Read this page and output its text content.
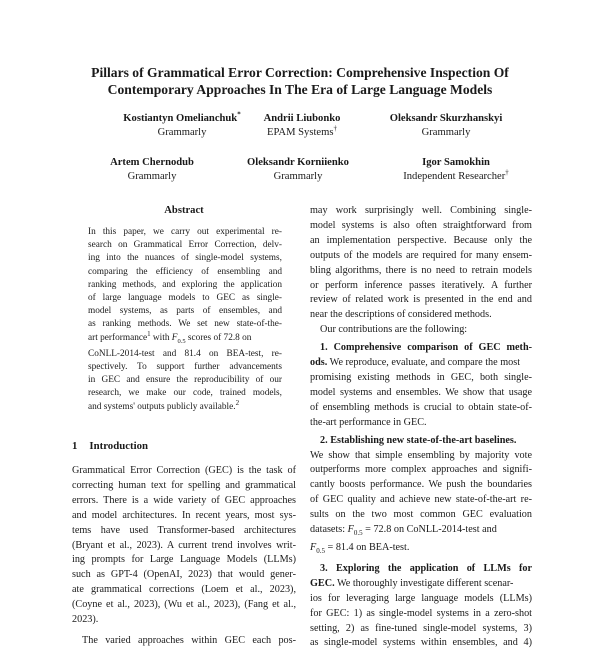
Pillars of Grammatical Error Correction: Comprehensive Inspection Of
Contemporary Approaches In The Era of Large Language Models
Kostiantyn Omelianchuk*
Grammarly
Andrii Liubonko
EPAM Systems†
Oleksandr Skurzhanskyi
Grammarly
Artem Chernodub
Grammarly
Oleksandr Korniienko
Grammarly
Igor Samokhin
Independent Researcher†
Abstract
In this paper, we carry out experimental re-
search on Grammatical Error Correction, delv-
ing into the nuances of single-model systems,
comparing the efficiency of ensembling and
ranking methods, and exploring the application
of large language models to GEC as single-
model systems, as parts of ensembles, and
as ranking methods. We set new state-of-the-
art performance$^1$ with $F_{0.5}$ scores of 72.8 on
CoNLL-2014-test and 81.4 on BEA-test, re-
spectively. To support further advancements
in GEC and ensure the reproducibility of our
research, we make our code, trained models,
and systems' outputs publicly available.$^2$
1 Introduction
Grammatical Error Correction (GEC) is the task of
correcting human text for spelling and grammatical
errors. There is a wide variety of GEC approaches
and model architectures. In recent years, most sys-
tems have used Transformer-based architectures
(Bryant et al., 2023). A current trend involves writ-
ing prompts for Large Language Models (LLMs)
such as GPT-4 (OpenAI, 2023) that would gener-
ate grammatical corrections (Loem et al., 2023),
(Coyne et al., 2023), (Wu et al., 2023), (Fang et al.,
2023).
The varied approaches within GEC each pos-
may work surprisingly well. Combining single-
model systems is also often straightforward from
an implementation perspective. Because only the
outputs of the models are required for many ensem-
bling algorithms, there is no need to retrain models
or perform inference passes iteratively. A further
review of related work is presented in the end and
near the descriptions of considered methods.
Our contributions are the following:
1. Comprehensive comparison of GEC meth-
ods. We reproduce, evaluate, and compare the most
promising existing methods in GEC, both single-
model systems and ensembles. We show that usage
of ensembling methods is crucial to obtain state-of-
the-art performance in GEC.
2. Establishing new state-of-the-art baselines.
We show that simple ensembling by majority vote
outperforms more complex approaches and signifi-
cantly boosts performance. We push the boundaries
of GEC quality and achieve new state-of-the-art re-
sults on the two most common GEC evaluation
datasets: $F_{0.5} = 72.8$ on CoNLL-2014-test and
$F_{0.5} = 81.4$ on BEA-test.
3. Exploring the application of LLMs for
GEC. We thoroughly investigate different scenar-
ios for leveraging large language models (LLMs)
for GEC: 1) as single-model systems in a zero-shot
setting, 2) as fine-tuned single-model systems, 3)
as single-model systems within ensembles, and 4)
